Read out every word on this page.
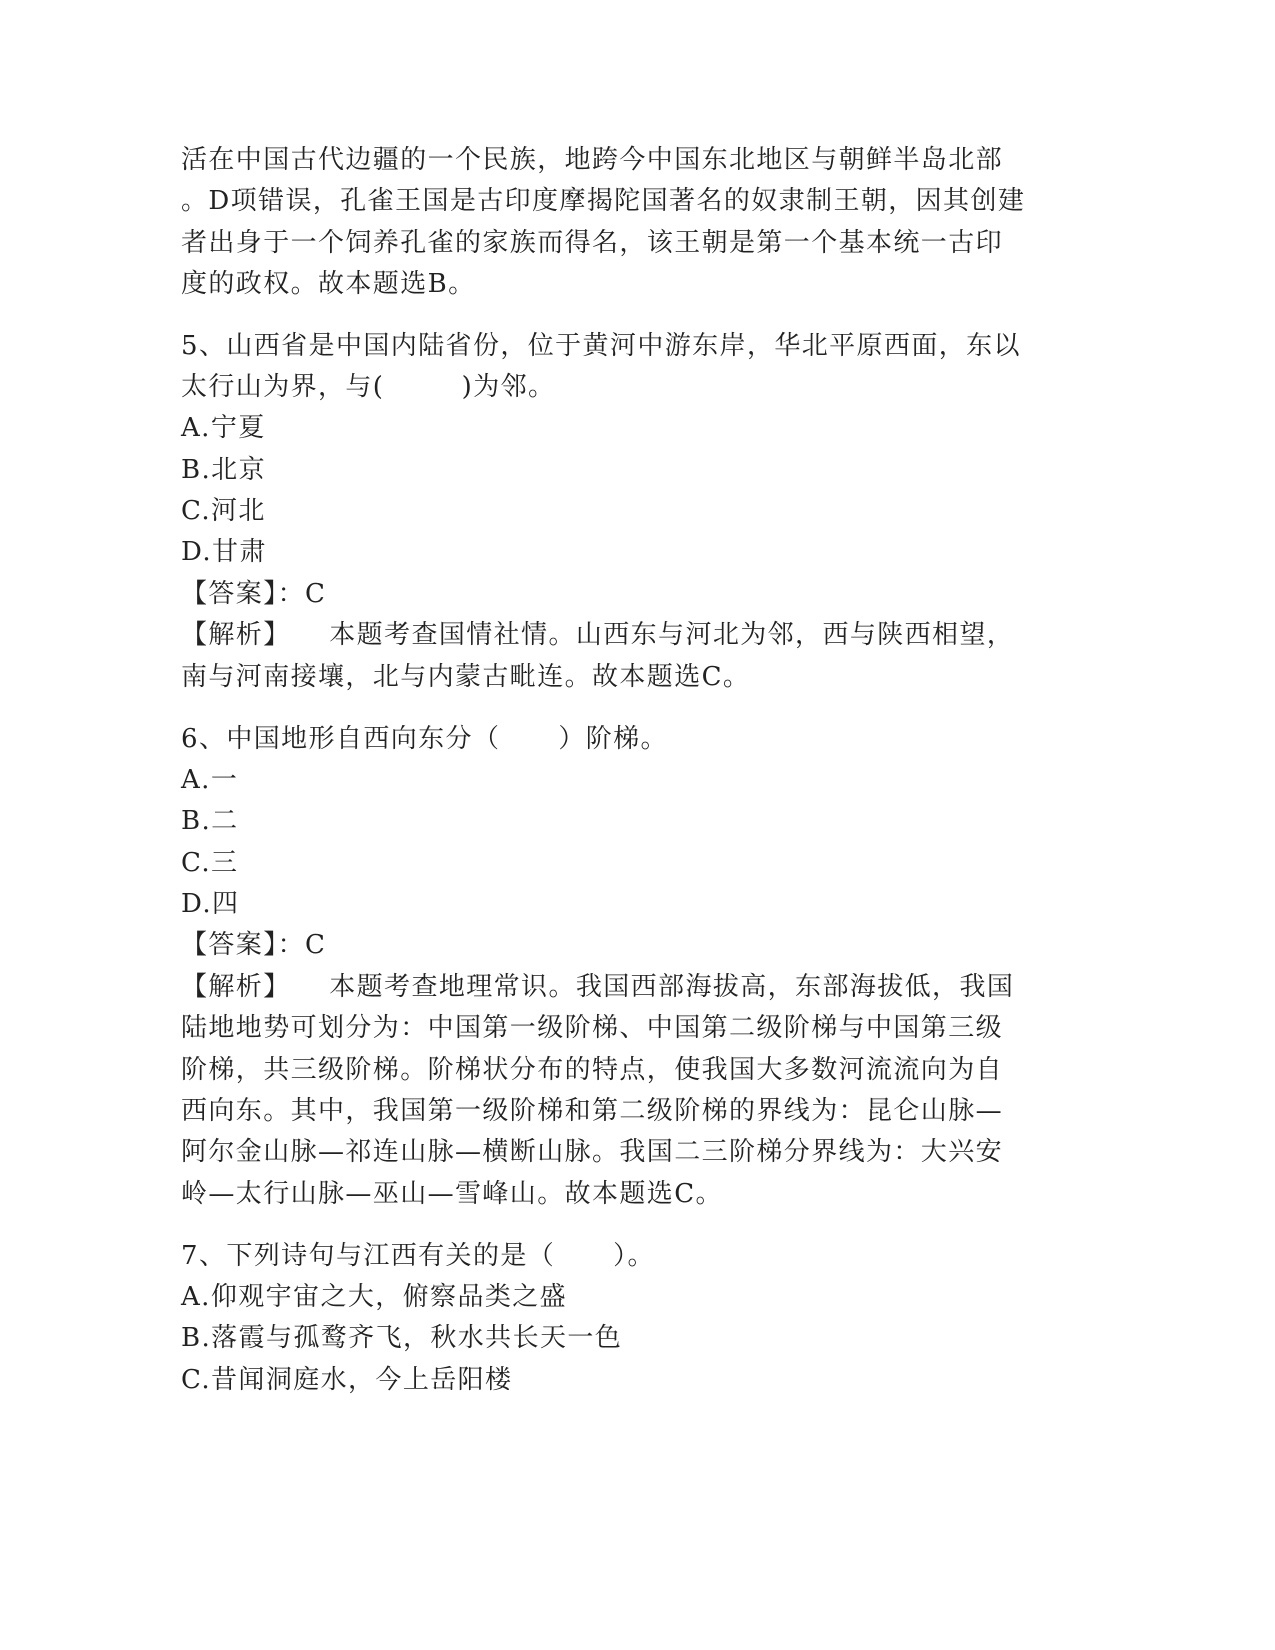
活在中国古代边疆的一个民族，地跨今中国东北地区与朝鲜半岛北部
。D项错误，孔雀王国是古印度摩揭陀国著名的奴隶制王朝，因其创建
者出身于一个饲养孔雀的家族而得名，该王朝是第一个基本统一古印
度的政权。故本题选B。
5、山西省是中国内陆省份，位于黄河中游东岸，华北平原西面，东以
太行山为界，与(        )为邻。
A.宁夏
B.北京
C.河北
D.甘肃
【答案】：C
【解析】    本题考查国情社情。山西东与河北为邻，西与陕西相望，
南与河南接壤，北与内蒙古毗连。故本题选C。
6、中国地形自西向东分（      ）阶梯。
A.一
B.二
C.三
D.四
【答案】：C
【解析】    本题考查地理常识。我国西部海拔高，东部海拔低，我国
陆地地势可划分为：中国第一级阶梯、中国第二级阶梯与中国第三级
阶梯，共三级阶梯。阶梯状分布的特点，使我国大多数河流流向为自
西向东。其中，我国第一级阶梯和第二级阶梯的界线为：昆仑山脉—
阿尔金山脉—祁连山脉—横断山脉。我国二三阶梯分界线为：大兴安
岭—太行山脉—巫山—雪峰山。故本题选C。
7、下列诗句与江西有关的是（      ）。
A.仰观宇宙之大，俯察品类之盛
B.落霞与孤鹜齐飞，秋水共长天一色
C.昔闻洞庭水，今上岳阳楼
